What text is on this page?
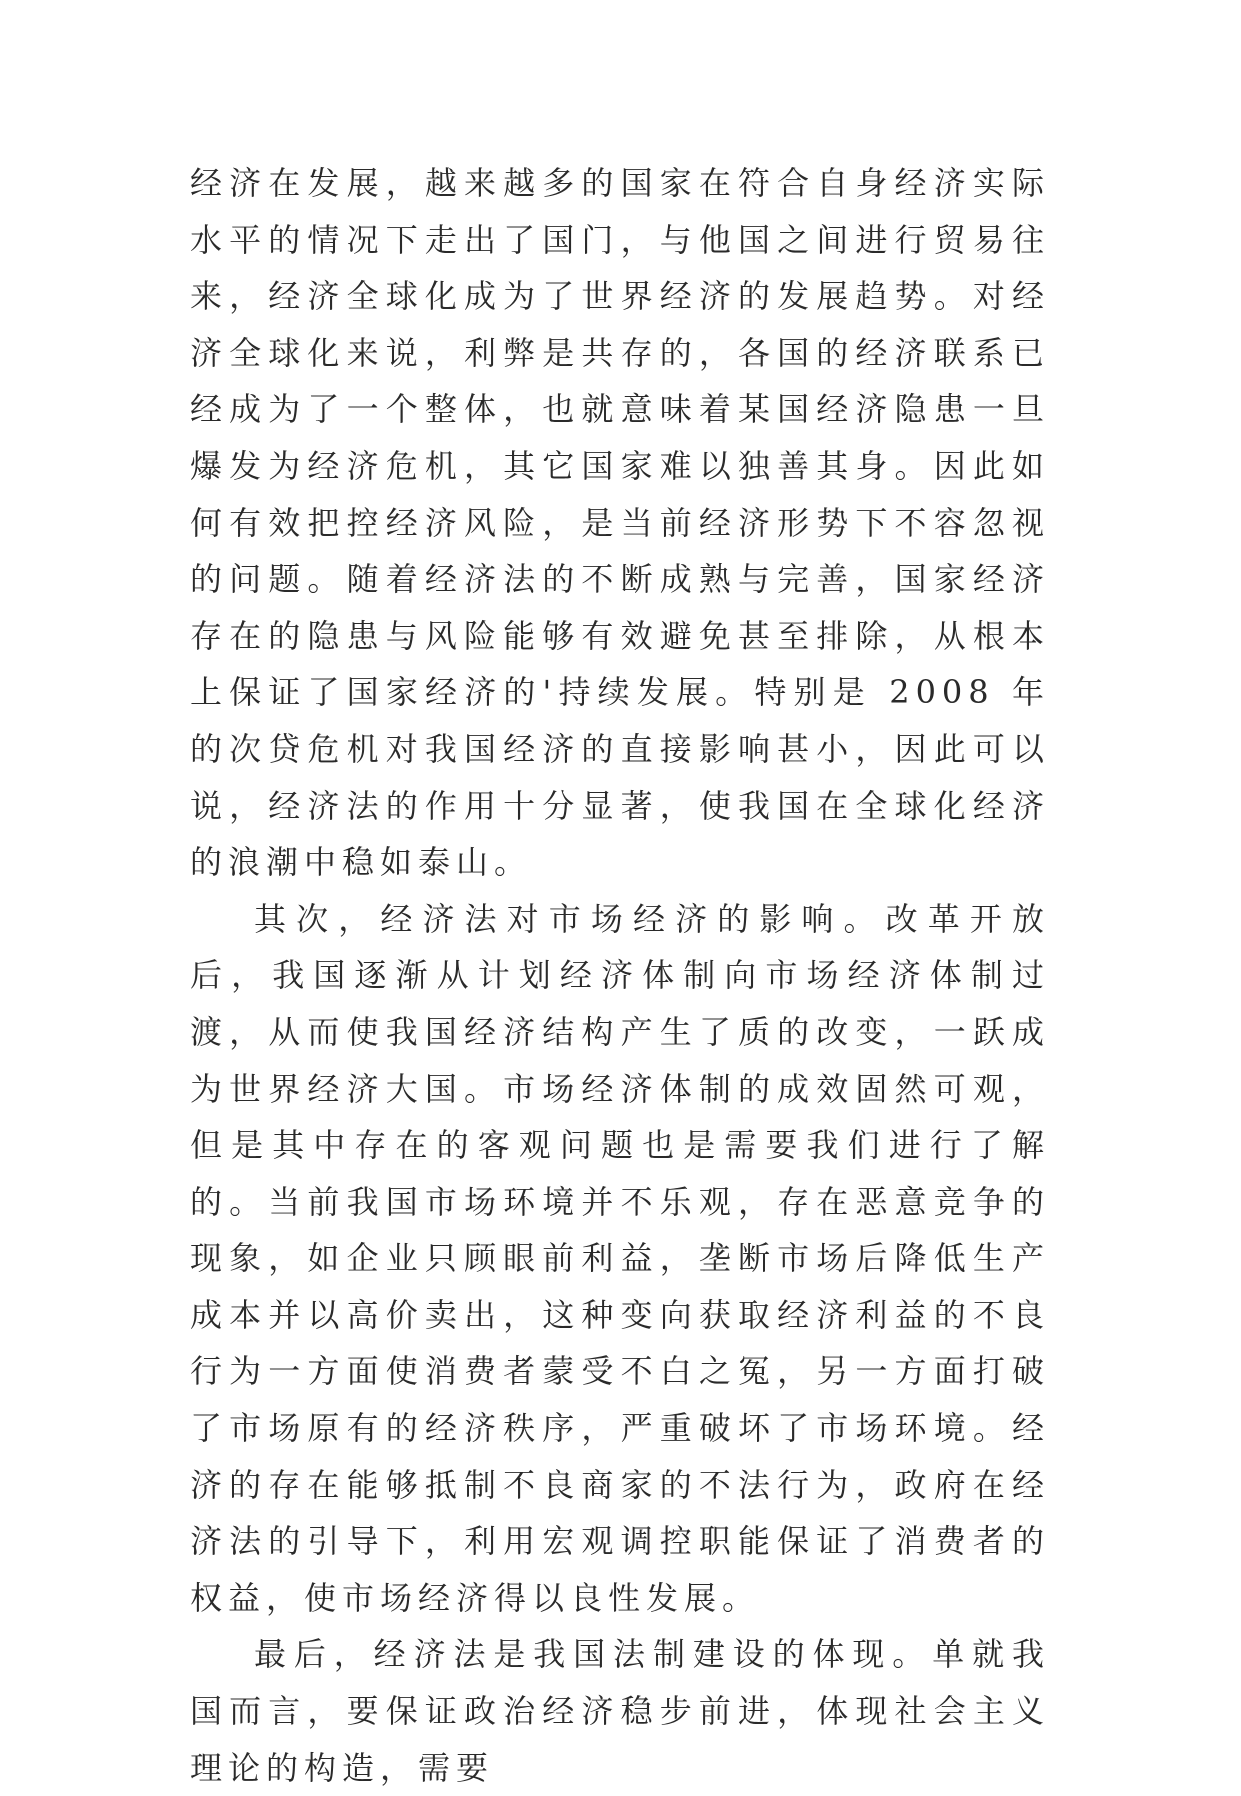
经济在发展，越来越多的国家在符合自身经济实际水平的情况下走出了国门，与他国之间进行贸易往来，经济全球化成为了世界经济的发展趋势。对经济全球化来说，利弊是共存的，各国的经济联系已经成为了一个整体，也就意味着某国经济隐患一旦爆发为经济危机，其它国家难以独善其身。因此如何有效把控经济风险，是当前经济形势下不容忽视的问题。随着经济法的不断成熟与完善，国家经济存在的隐患与风险能够有效避免甚至排除，从根本上保证了国家经济的'持续发展。特别是 2008 年的次贷危机对我国经济的直接影响甚小，因此可以说，经济法的作用十分显著，使我国在全球化经济的浪潮中稳如泰山。

其次，经济法对市场经济的影响。改革开放后，我国逐渐从计划经济体制向市场经济体制过渡，从而使我国经济结构产生了质的改变，一跃成为世界经济大国。市场经济体制的成效固然可观，但是其中存在的客观问题也是需要我们进行了解的。当前我国市场环境并不乐观，存在恶意竞争的现象，如企业只顾眼前利益，垄断市场后降低生产成本并以高价卖出，这种变向获取经济利益的不良行为一方面使消费者蒙受不白之冤，另一方面打破了市场原有的经济秩序，严重破坏了市场环境。经济的存在能够抵制不良商家的不法行为，政府在经济法的引导下，利用宏观调控职能保证了消费者的权益，使市场经济得以良性发展。

最后，经济法是我国法制建设的体现。单就我国而言，要保证政治经济稳步前进，体现社会主义理论的构造，需要
